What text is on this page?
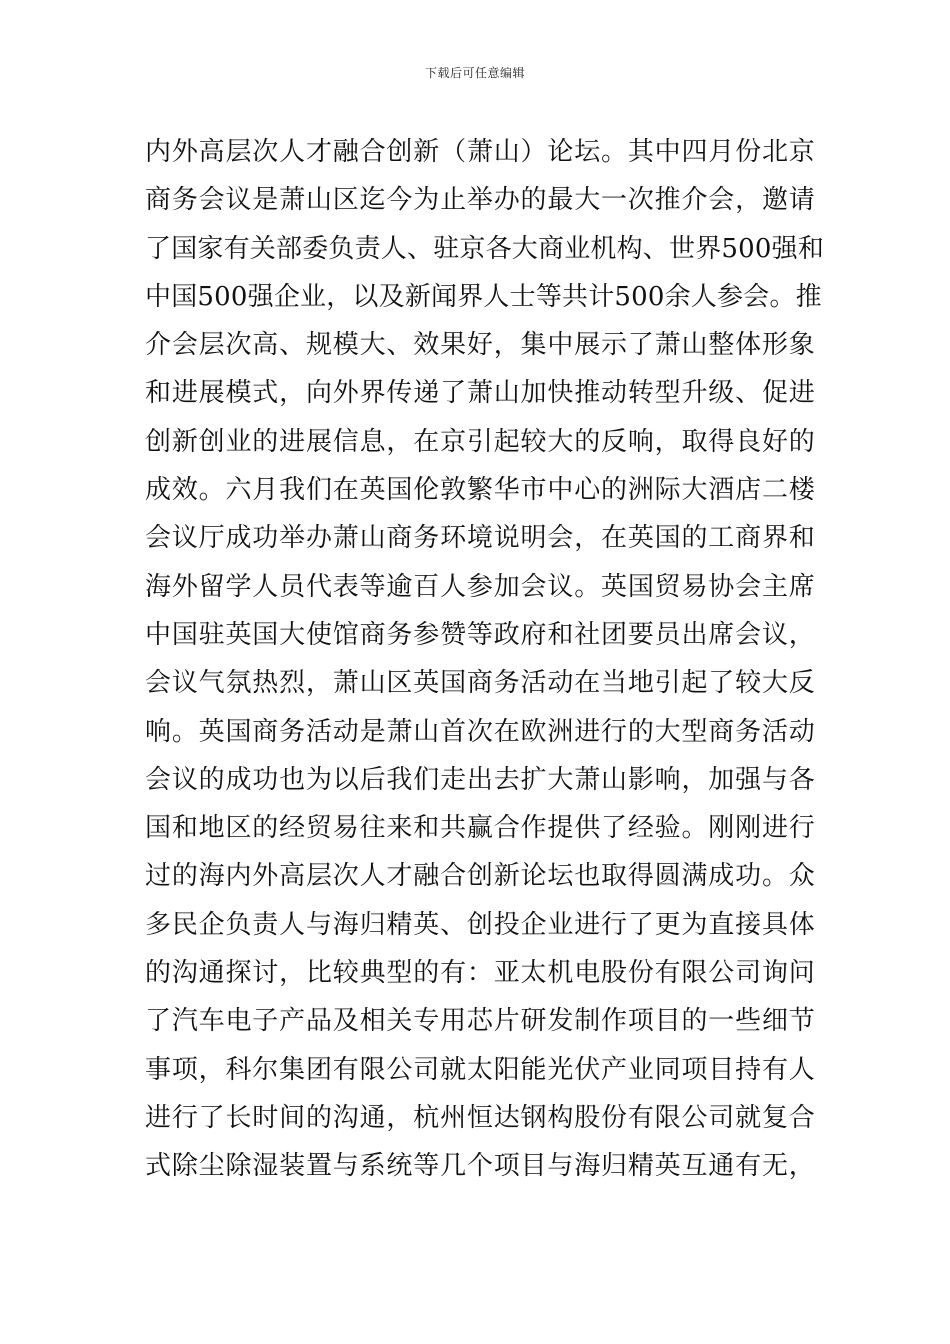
下载后可任意编辑
内外高层次人才融合创新（萧山）论坛。其中四月份北京
商务会议是萧山区迄今为止举办的最大一次推介会，邀请
了国家有关部委负责人、驻京各大商业机构、世界500强和
中国500强企业，以及新闻界人士等共计500余人参会。推
介会层次高、规模大、效果好，集中展示了萧山整体形象
和进展模式，向外界传递了萧山加快推动转型升级、促进
创新创业的进展信息，在京引起较大的反响，取得良好的
成效。六月我们在英国伦敦繁华市中心的洲际大酒店二楼
会议厅成功举办萧山商务环境说明会，在英国的工商界和
海外留学人员代表等逾百人参加会议。英国贸易协会主席
中国驻英国大使馆商务参赞等政府和社团要员出席会议，
会议气氛热烈，萧山区英国商务活动在当地引起了较大反
响。英国商务活动是萧山首次在欧洲进行的大型商务活动
会议的成功也为以后我们走出去扩大萧山影响，加强与各
国和地区的经贸易往来和共赢合作提供了经验。刚刚进行
过的海内外高层次人才融合创新论坛也取得圆满成功。众
多民企负责人与海归精英、创投企业进行了更为直接具体
的沟通探讨，比较典型的有：亚太机电股份有限公司询问
了汽车电子产品及相关专用芯片研发制作项目的一些细节
事项，科尔集团有限公司就太阳能光伏产业同项目持有人
进行了长时间的沟通，杭州恒达钢构股份有限公司就复合
式除尘除湿装置与系统等几个项目与海归精英互通有无，
